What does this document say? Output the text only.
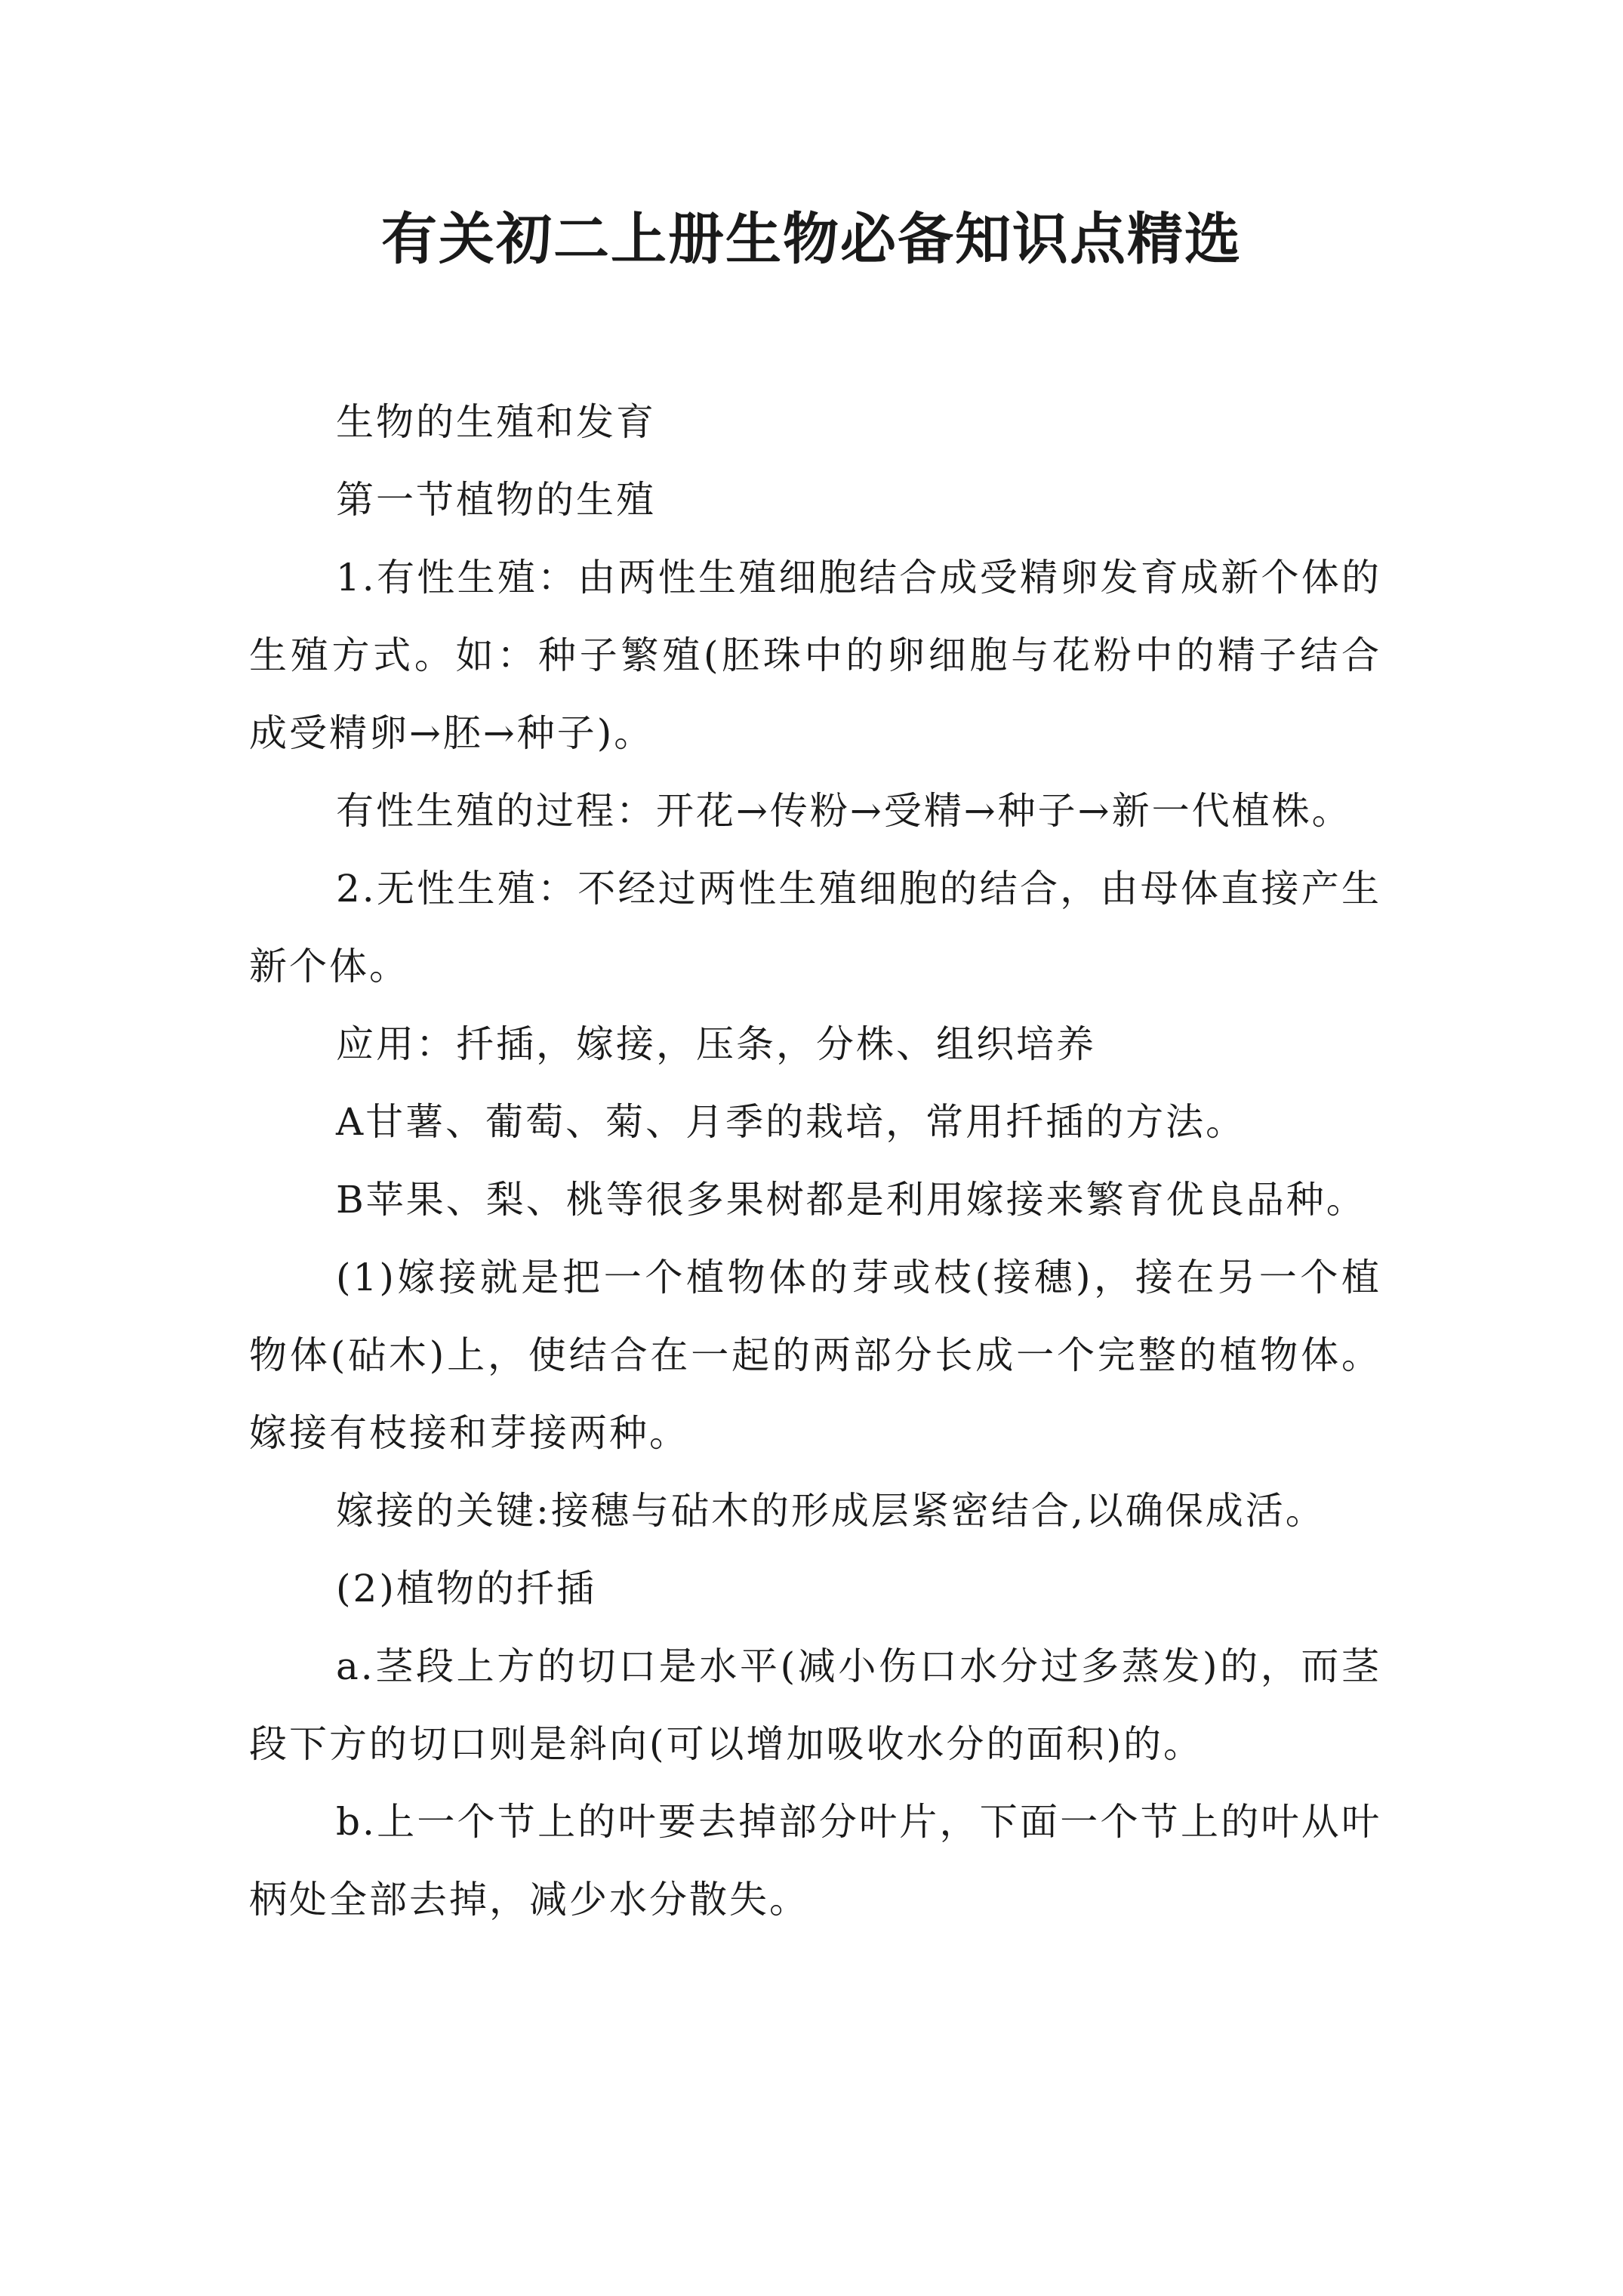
有关初二上册生物必备知识点精选

生物的生殖和发育

第一节植物的生殖

1.有性生殖：由两性生殖细胞结合成受精卵发育成新个体的生殖方式。如：种子繁殖(胚珠中的卵细胞与花粉中的精子结合成受精卵→胚→种子)。

有性生殖的过程：开花→传粉→受精→种子→新一代植株。

2.无性生殖：不经过两性生殖细胞的结合，由母体直接产生新个体。

应用：扦插，嫁接，压条，分株、组织培养

A甘薯、葡萄、菊、月季的栽培，常用扦插的方法。

B苹果、梨、桃等很多果树都是利用嫁接来繁育优良品种。

(1)嫁接就是把一个植物体的芽或枝(接穗)，接在另一个植物体(砧木)上，使结合在一起的两部分长成一个完整的植物体。嫁接有枝接和芽接两种。

嫁接的关键:接穗与砧木的形成层紧密结合,以确保成活。

(2)植物的扦插

a.茎段上方的切口是水平(减小伤口水分过多蒸发)的，而茎段下方的切口则是斜向(可以增加吸收水分的面积)的。

b.上一个节上的叶要去掉部分叶片，下面一个节上的叶从叶柄处全部去掉，减少水分散失。
